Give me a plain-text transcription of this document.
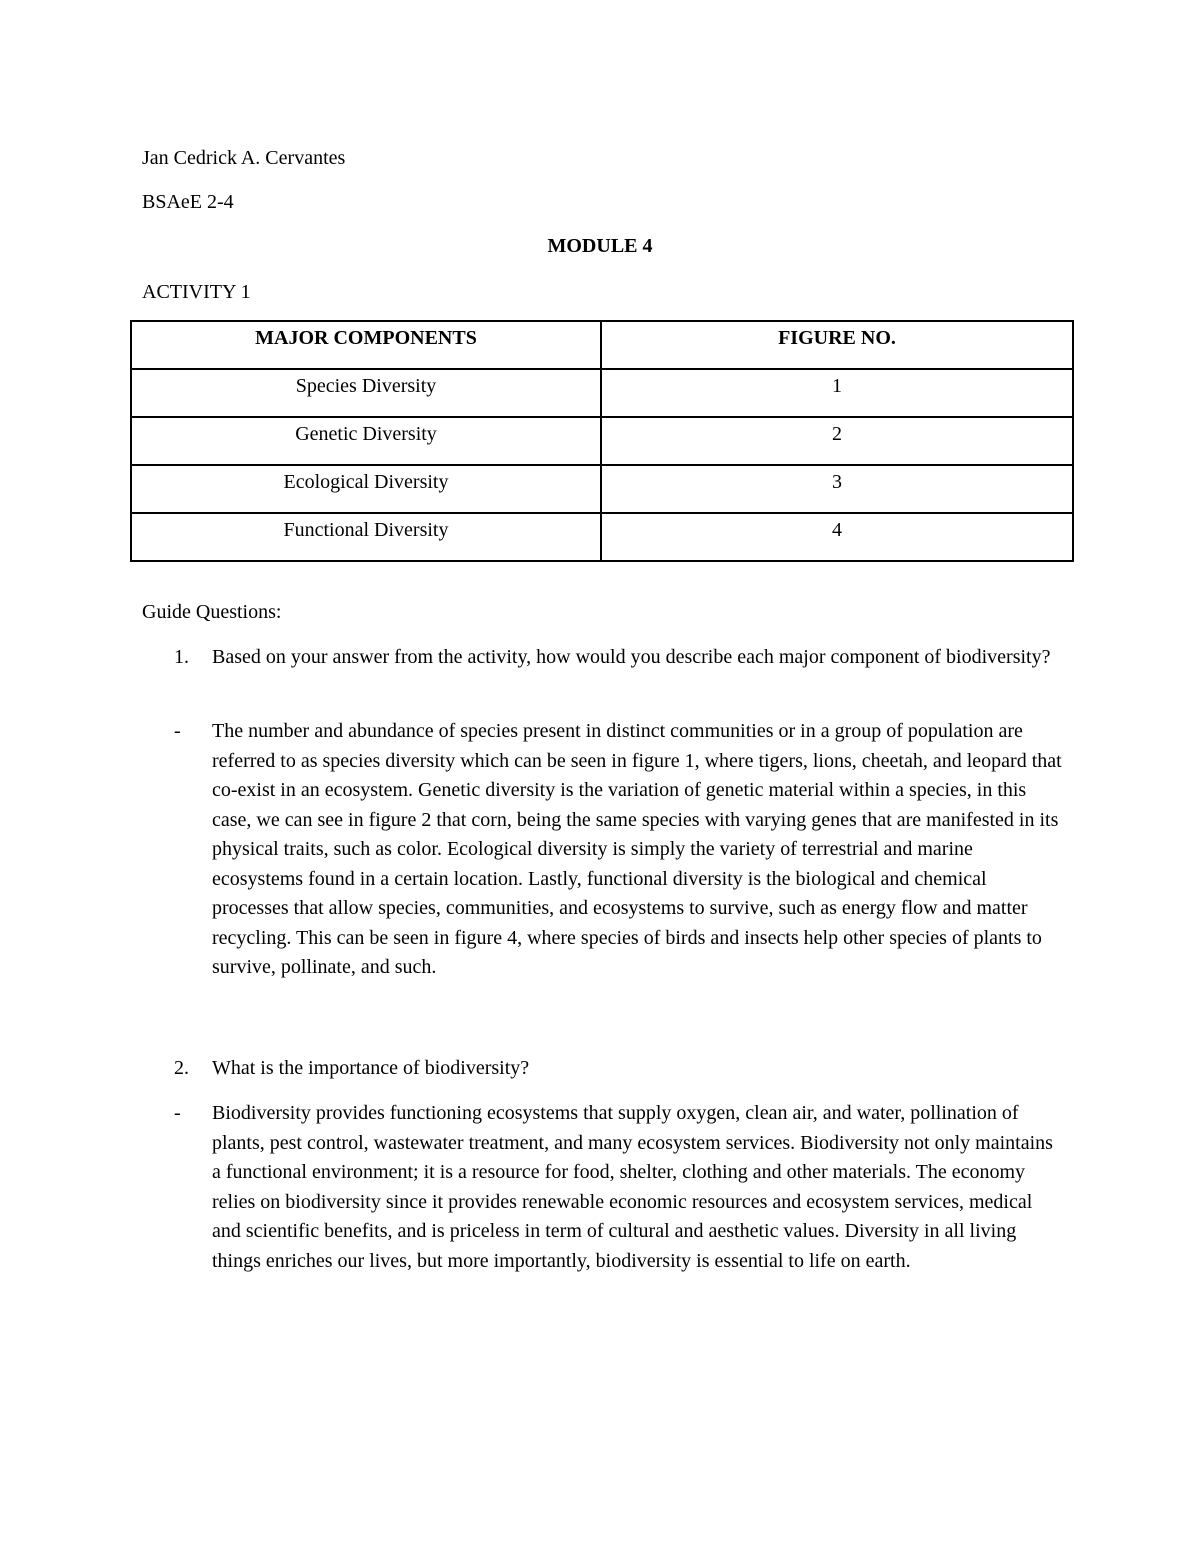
Jan Cedrick A. Cervantes
BSAeE 2-4
MODULE 4
ACTIVITY 1
MAJOR COMPONENTS	FIGURE NO.
Species Diversity	1
Genetic Diversity	2
Ecological Diversity	3
Functional Diversity	4
Guide Questions:
1. Based on your answer from the activity, how would you describe each major component of biodiversity?
-	The number and abundance of species present in distinct communities or in a group of population are referred to as species diversity which can be seen in figure 1, where tigers, lions, cheetah, and leopard that co-exist in an ecosystem. Genetic diversity is the variation of genetic material within a species, in this case, we can see in figure 2 that corn, being the same species with varying genes that are manifested in its physical traits, such as color. Ecological diversity is simply the variety of terrestrial and marine ecosystems found in a certain location. Lastly, functional diversity is the biological and chemical processes that allow species, communities, and ecosystems to survive, such as energy flow and matter recycling. This can be seen in figure 4, where species of birds and insects help other species of plants to survive, pollinate, and such.
2. What is the importance of biodiversity?
-	Biodiversity provides functioning ecosystems that supply oxygen, clean air, and water, pollination of plants, pest control, wastewater treatment, and many ecosystem services. Biodiversity not only maintains a functional environment; it is a resource for food, shelter, clothing and other materials. The economy relies on biodiversity since it provides renewable economic resources and ecosystem services, medical and scientific benefits, and is priceless in term of cultural and aesthetic values. Diversity in all living things enriches our lives, but more importantly, biodiversity is essential to life on earth.
